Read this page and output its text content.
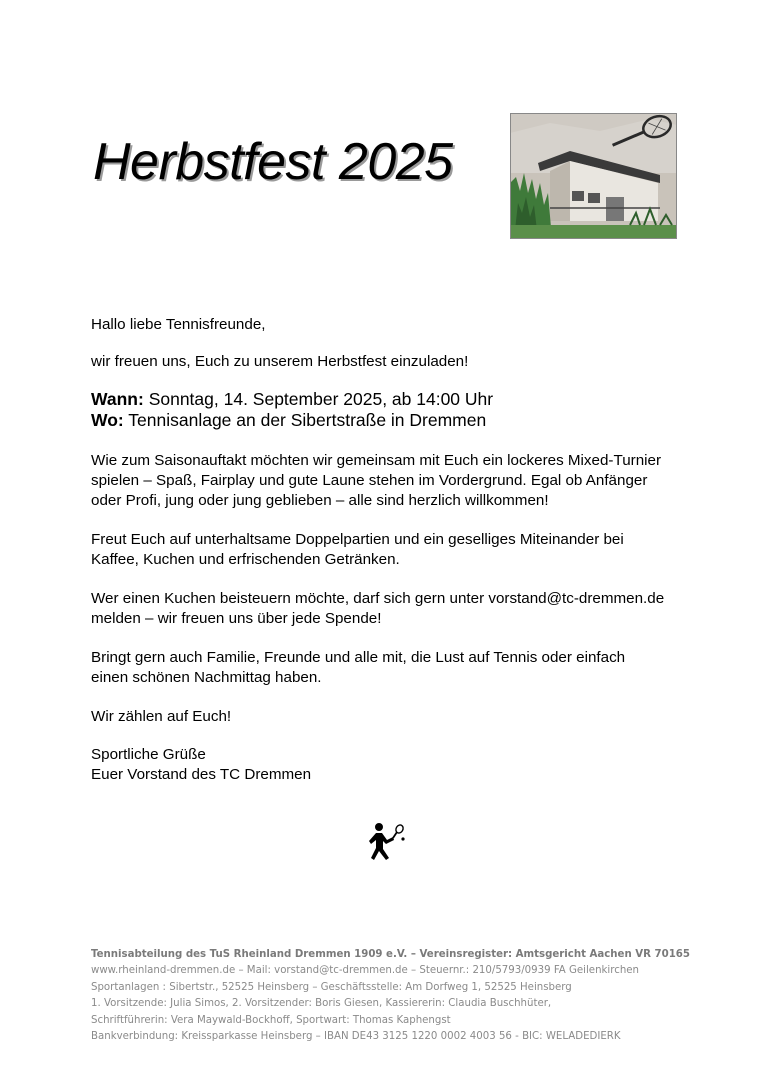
Herbstfest 2025

Hallo liebe Tennisfreunde,

wir freuen uns, Euch zu unserem Herbstfest einzuladen!

Wann: Sonntag, 14. September 2025, ab 14:00 Uhr
Wo: Tennisanlage an der Sibertstraße in Dremmen

Wie zum Saisonauftakt möchten wir gemeinsam mit Euch ein lockeres Mixed-Turnier
spielen – Spaß, Fairplay und gute Laune stehen im Vordergrund. Egal ob Anfänger
oder Profi, jung oder jung geblieben – alle sind herzlich willkommen!

Freut Euch auf unterhaltsame Doppelpartien und ein geselliges Miteinander bei
Kaffee, Kuchen und erfrischenden Getränken.

Wer einen Kuchen beisteuern möchte, darf sich gern unter vorstand@tc-dremmen.de
melden – wir freuen uns über jede Spende!

Bringt gern auch Familie, Freunde und alle mit, die Lust auf Tennis oder einfach
einen schönen Nachmittag haben.

Wir zählen auf Euch!

Sportliche Grüße
Euer Vorstand des TC Dremmen

Tennisabteilung des TuS Rheinland Dremmen 1909 e.V. – Vereinsregister: Amtsgericht Aachen VR 70165
www.rheinland-dremmen.de – Mail: vorstand@tc-dremmen.de – Steuernr.: 210/5793/0939 FA Geilenkirchen
Sportanlagen : Sibertstr., 52525 Heinsberg – Geschäftsstelle: Am Dorfweg 1, 52525 Heinsberg
1. Vorsitzende: Julia Simos, 2. Vorsitzender: Boris Giesen, Kassiererin: Claudia Buschhüter,
Schriftführerin: Vera Maywald-Bockhoff, Sportwart: Thomas Kaphengst
Bankverbindung: Kreissparkasse Heinsberg – IBAN DE43 3125 1220 0002 4003 56 - BIC: WELADEDIERK
